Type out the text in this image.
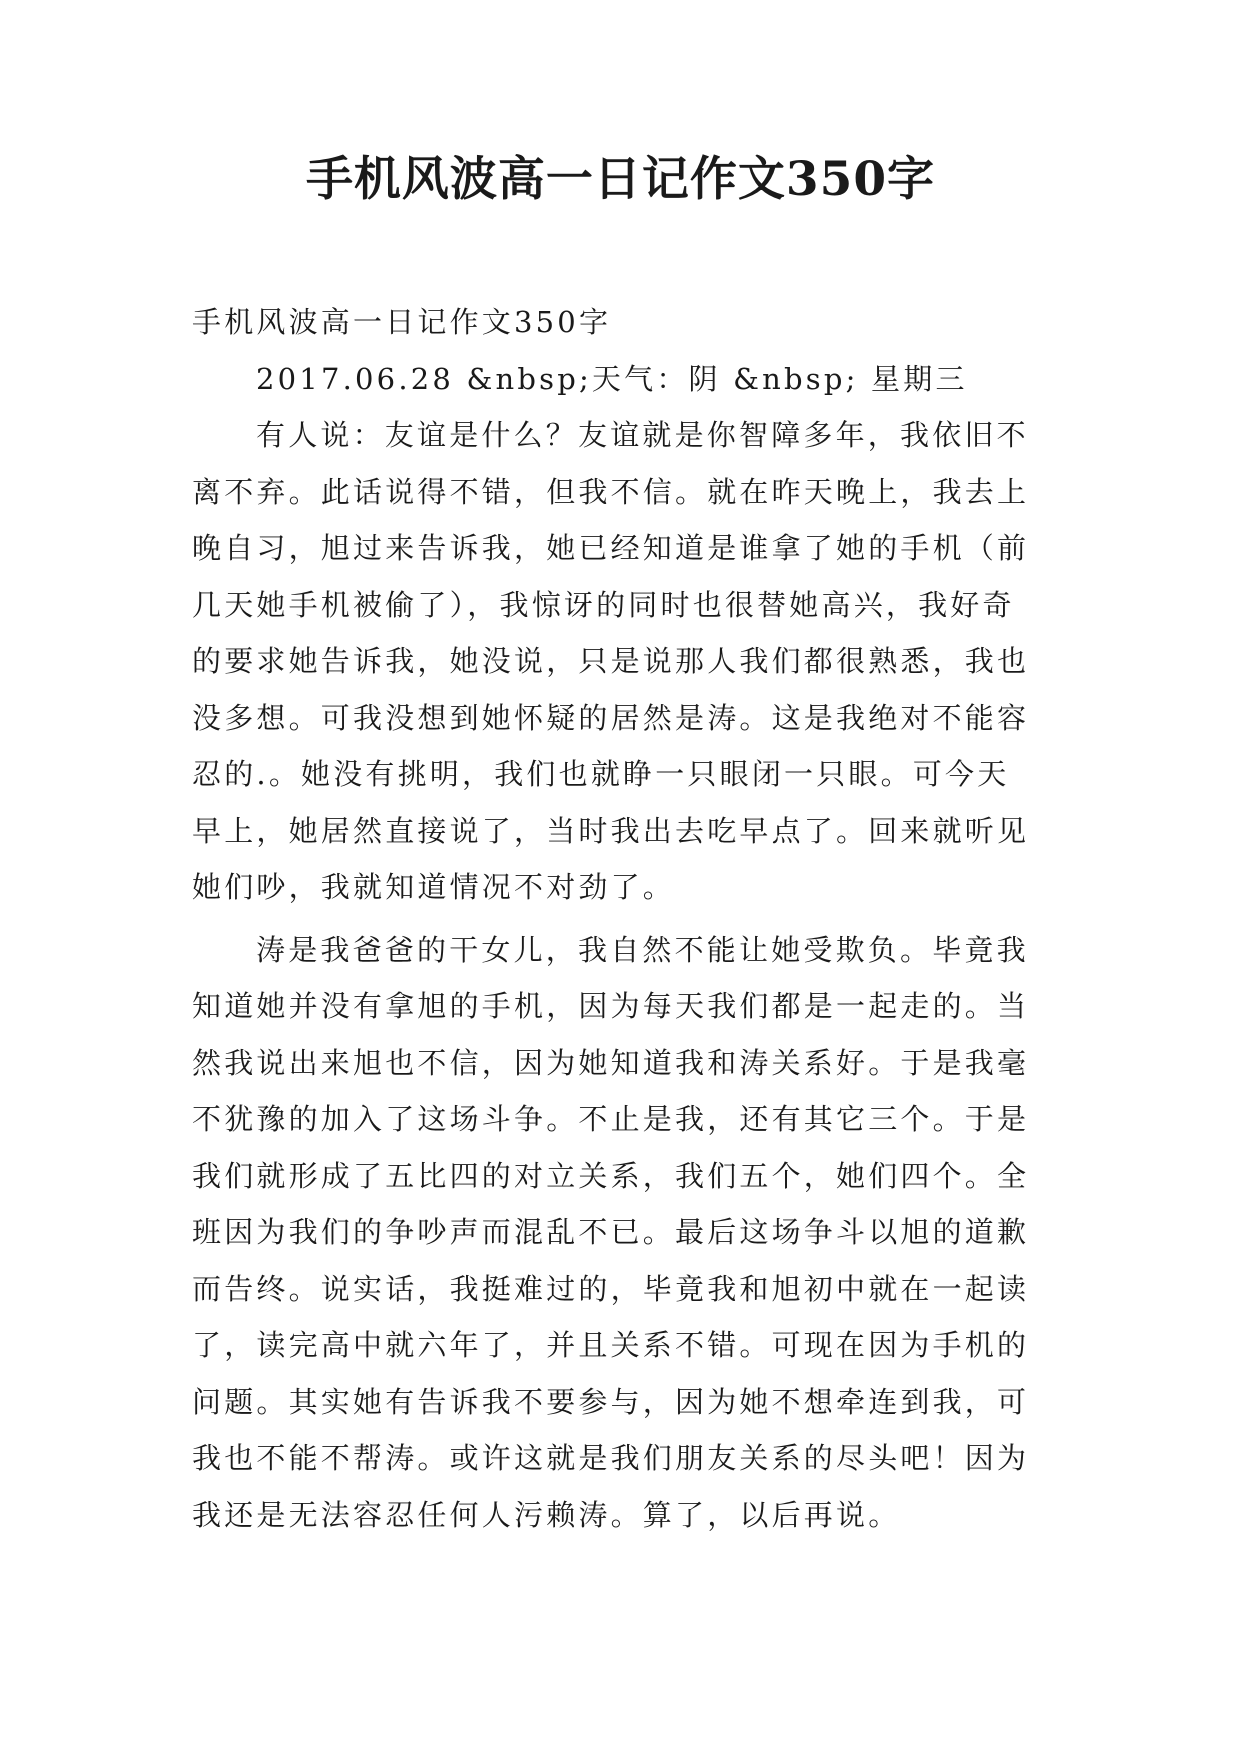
手机风波高一日记作文350字
手机风波高一日记作文350字
2017.06.28 &nbsp;天气：阴 &nbsp; 星期三
有人说：友谊是什么？友谊就是你智障多年，我依旧不
离不弃。此话说得不错，但我不信。就在昨天晚上，我去上
晚自习，旭过来告诉我，她已经知道是谁拿了她的手机（前
几天她手机被偷了），我惊讶的同时也很替她高兴，我好奇
的要求她告诉我，她没说，只是说那人我们都很熟悉，我也
没多想。可我没想到她怀疑的居然是涛。这是我绝对不能容
忍的.。她没有挑明，我们也就睁一只眼闭一只眼。可今天
早上，她居然直接说了，当时我出去吃早点了。回来就听见
她们吵，我就知道情况不对劲了。
涛是我爸爸的干女儿，我自然不能让她受欺负。毕竟我
知道她并没有拿旭的手机，因为每天我们都是一起走的。当
然我说出来旭也不信，因为她知道我和涛关系好。于是我毫
不犹豫的加入了这场斗争。不止是我，还有其它三个。于是
我们就形成了五比四的对立关系，我们五个，她们四个。全
班因为我们的争吵声而混乱不已。最后这场争斗以旭的道歉
而告终。说实话，我挺难过的，毕竟我和旭初中就在一起读
了，读完高中就六年了，并且关系不错。可现在因为手机的
问题。其实她有告诉我不要参与，因为她不想牵连到我，可
我也不能不帮涛。或许这就是我们朋友关系的尽头吧！因为
我还是无法容忍任何人污赖涛。算了，以后再说。
